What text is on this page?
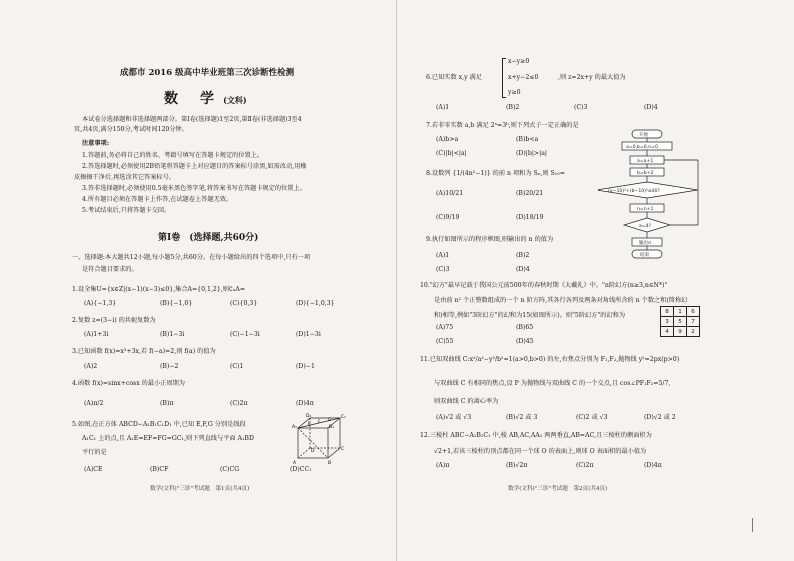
成都市 2016 级高中毕业班第三次诊断性检测
数　学 (文科)
本试卷分选择题和非选择题两部分。第Ⅰ卷(选择题)1至2页,第Ⅱ卷(非选择题)3至4
页,共4页,满分150分,考试时间120分钟。
注意事项:
1.答题前,务必将自己的姓名、考籍号填写在答题卡规定的位置上。
2.答选择题时,必须使用2B铅笔将答题卡上对应题目的答案标号涂黑,如需改动,用橡
皮擦擦干净后,再选涂其它答案标号。
3.答非选择题时,必须使用0.5毫米黑色签字笔,将答案书写在答题卡规定的位置上。
4.所有题目必须在答题卡上作答,在试题卷上答题无效。
5.考试结束后,只将答题卡交回。
第Ⅰ卷　(选择题,共60分)
一、选择题:本大题共12小题,每小题5分,共60分。在每小题给出的四个选项中,只有一项
是符合题目要求的。
1.设全集U={x∈Z|(x−1)(x−3)≤0},集合A={0,1,2},则∁ᵤA=
(A){−1,3}	(B){−1,0}	(C){0,3}	(D){−1,0,3}
2.复数 z=(3−i) 的共轭复数为
(A)1+3i	(B)1−3i	(C)−1−3i	(D)1−3i
3.已知函数 f(x)=x³+3x,若 f(−a)=2,则 f(a) 的值为
(A)2	(B)−2	(C)1	(D)−1
4.函数 f(x)=sinx+cosx 的最小正周期为
(A)π/2	(B)π	(C)2π	(D)4π
5.如图,在正方体 ABCD−A₁B₁C₁D₁ 中,已知 E,F,G 分别是线段
A₁C₁ 上的点,且 A₁E=EF=FG=GC₁,则下列直线与平面 A₁BD
平行的是
(A)CE	(B)CF	(C)CG	(D)CC₁
D₁	C₁
A₁	B₁
E F G
D	C
A	B
数学(文科)"三诊"考试题　第1页(共4页)
6.已知实数 x,y 满足
x−y≥0
x+y−2≤0
y≥0
,则 z=2x+y 的最大值为
(A)1	(B)2	(C)3	(D)4
7.若非零实数 a,b 满足 2ᵃ=3ᵇ,则下列式子一定正确的是
(A)b>a	(B)b<a
(C)|b|<|a|	(D)|b|>|a|
8.设数列 {1/(4n²−1)} 的前 n 项和为 Sₙ,则 S₁₀=
(A)10/21	(B)20/21
(C)9/19	(D)18/19
9.执行如图所示的程序框图,则输出的 n 的值为
(A)1	(B)2
(C)3	(D)4
开始
a=0,b=0,n=0
a=a+1
b=b+2
(a−10)²+(b−10)²≤40?
n=n+1
a=4?
输出n
结束
10."幻方"最早记载于我国公元前500年的春秋时期《大戴礼》中。"n阶幻方(n≥3,n∈N*)"
是由前 n² 个正整数组成的一个 n 阶方阵,其各行各列及两条对角线所含的 n 个数之和(简称幻
和)相等,例如"3阶幻方"的幻和为15(如图所示)。则"5阶幻方"的幻和为
8	1	6
3	5	7
4	9	2
(A)75	(B)65
(C)55	(D)45
11.已知双曲线 C:x²/a²−y²/b²=1(a>0,b>0) 的左,右焦点分别为 F₁,F₂,抛物线 y²=2px(p>0)
与双曲线 C 有相同的焦点,设 P 为抛物线与双曲线 C 的一个交点,且 cos∠PF₁F₂=5/7,
则双曲线 C 的离心率为
(A)√2 或 √3	(B)√2 或 3	(C)2 或 √3	(D)√2 或 2
12.三棱柱 ABC−A₁B₁C₁ 中,棱 AB,AC,AA₁ 两两垂直,AB=AC,且三棱柱的侧面积为
√2+1,若该三棱柱的顶点都在同一个球 O 的表面上,则球 O 表面积的最小值为
(A)π	(B)√2π	(C)2π	(D)4π
数学(文科)"三诊"考试题　第2页(共4页)
